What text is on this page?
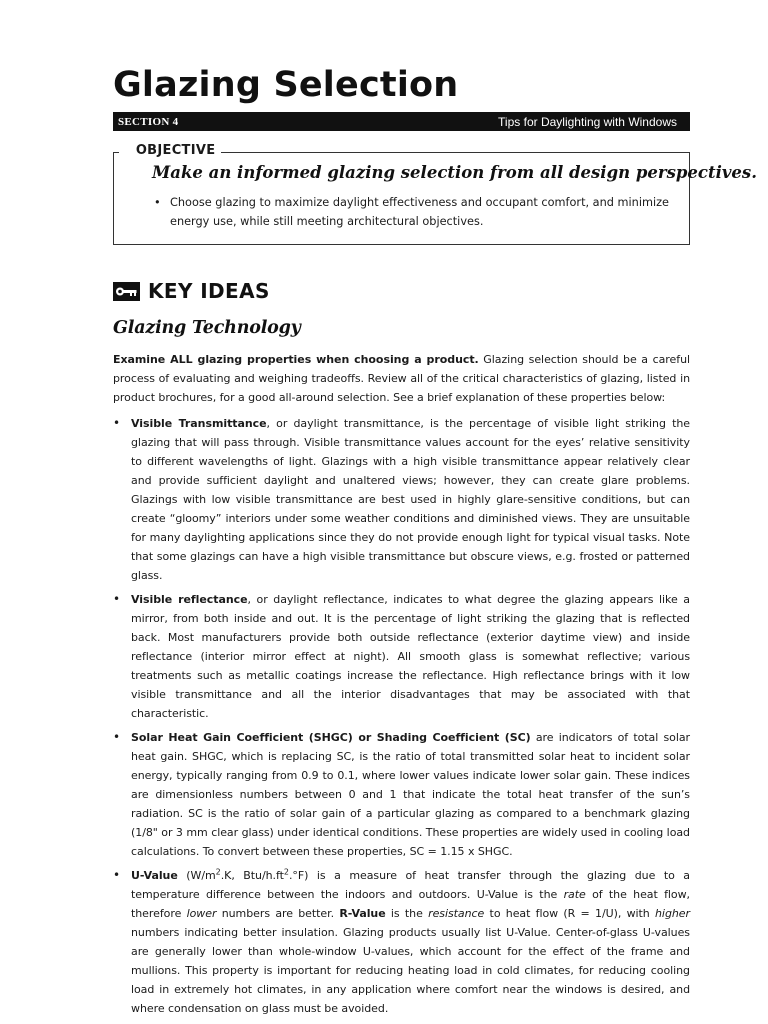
Glazing Selection
SECTION 4	Tips for Daylighting with Windows
OBJECTIVE
Make an informed glazing selection from all design perspectives.
• Choose glazing to maximize daylight effectiveness and occupant comfort, and minimize energy use, while still meeting architectural objectives.
KEY IDEAS
Glazing Technology

Examine ALL glazing properties when choosing a product. Glazing selection should be a careful process of evaluating and weighing tradeoffs. Review all of the critical characteristics of glazing, listed in product brochures, for a good all-around selection. See a brief explanation of these properties below:

• Visible Transmittance, or daylight transmittance, is the percentage of visible light striking the glazing that will pass through. Visible transmittance values account for the eyes’ relative sensitivity to different wavelengths of light. Glazings with a high visible transmittance appear relatively clear and provide sufficient daylight and unaltered views; however, they can create glare problems. Glazings with low visible transmittance are best used in highly glare-sensitive conditions, but can create “gloomy” interiors under some weather conditions and diminished views. They are unsuitable for many daylighting applications since they do not provide enough light for typical visual tasks. Note that some glazings can have a high visible transmittance but obscure views, e.g. frosted or patterned glass.
• Visible reflectance, or daylight reflectance, indicates to what degree the glazing appears like a mirror, from both inside and out. It is the percentage of light striking the glazing that is reflected back. Most manufacturers provide both outside reflectance (exterior daytime view) and inside reflectance (interior mirror effect at night). All smooth glass is somewhat reflective; various treatments such as metallic coatings increase the reflectance. High reflectance brings with it low visible transmittance and all the interior disadvantages that may be associated with that characteristic.
• Solar Heat Gain Coefficient (SHGC) or Shading Coefficient (SC) are indicators of total solar heat gain. SHGC, which is replacing SC, is the ratio of total transmitted solar heat to incident solar energy, typically ranging from 0.9 to 0.1, where lower values indicate lower solar gain. These indices are dimensionless numbers between 0 and 1 that indicate the total heat transfer of the sun’s radiation. SC is the ratio of solar gain of a particular glazing as compared to a benchmark glazing (1/8" or 3 mm clear glass) under identical conditions. These properties are widely used in cooling load calculations. To convert between these properties, SC = 1.15 x SHGC.
• U-Value ($W/m^2.K$, Btu/$h.ft^2.^\circ F$) is a measure of heat transfer through the glazing due to a temperature difference between the indoors and outdoors. U-Value is the rate of the heat flow, therefore lower numbers are better. R-Value is the resistance to heat flow (R = 1/U), with higher numbers indicating better insulation. Glazing products usually list U-Value. Center-of-glass U-values are generally lower than whole-window U-values, which account for the effect of the frame and mullions. This property is important for reducing heating load in cold climates, for reducing cooling load in extremely hot climates, in any application where comfort near the windows is desired, and where condensation on glass must be avoided.
